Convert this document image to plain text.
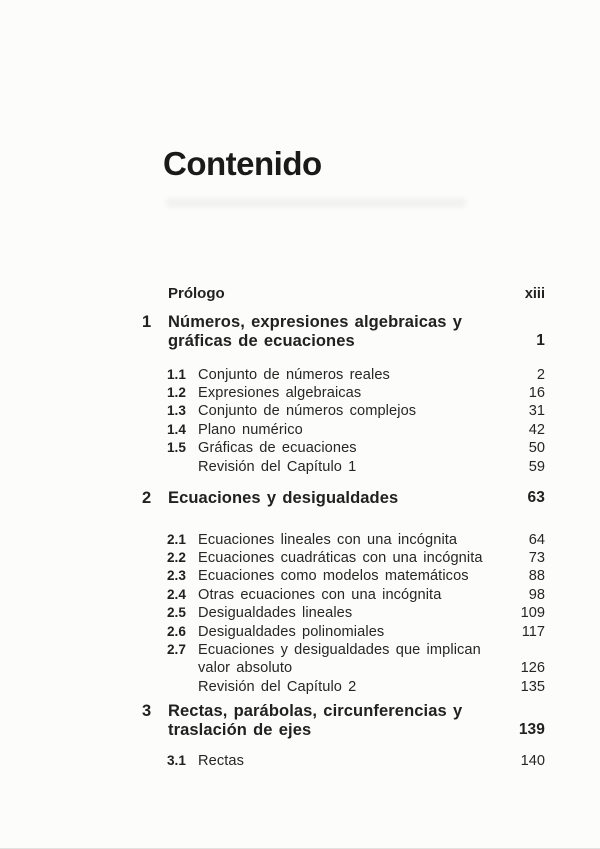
Contenido
Prólogo	xiii
1	Números, expresiones algebraicas y
gráficas de ecuaciones	1
1.1 Conjunto de números reales	2
1.2 Expresiones algebraicas	16
1.3 Conjunto de números complejos	31
1.4 Plano numérico	42
1.5 Gráficas de ecuaciones	50
Revisión del Capítulo 1	59
2	Ecuaciones y desigualdades	63
2.1 Ecuaciones lineales con una incógnita	64
2.2 Ecuaciones cuadráticas con una incógnita	73
2.3 Ecuaciones como modelos matemáticos	88
2.4 Otras ecuaciones con una incógnita	98
2.5 Desigualdades lineales	109
2.6 Desigualdades polinomiales	117
2.7 Ecuaciones y desigualdades que implican
valor absoluto	126
Revisión del Capítulo 2	135
3	Rectas, parábolas, circunferencias y
traslación de ejes	139
3.1 Rectas	140
